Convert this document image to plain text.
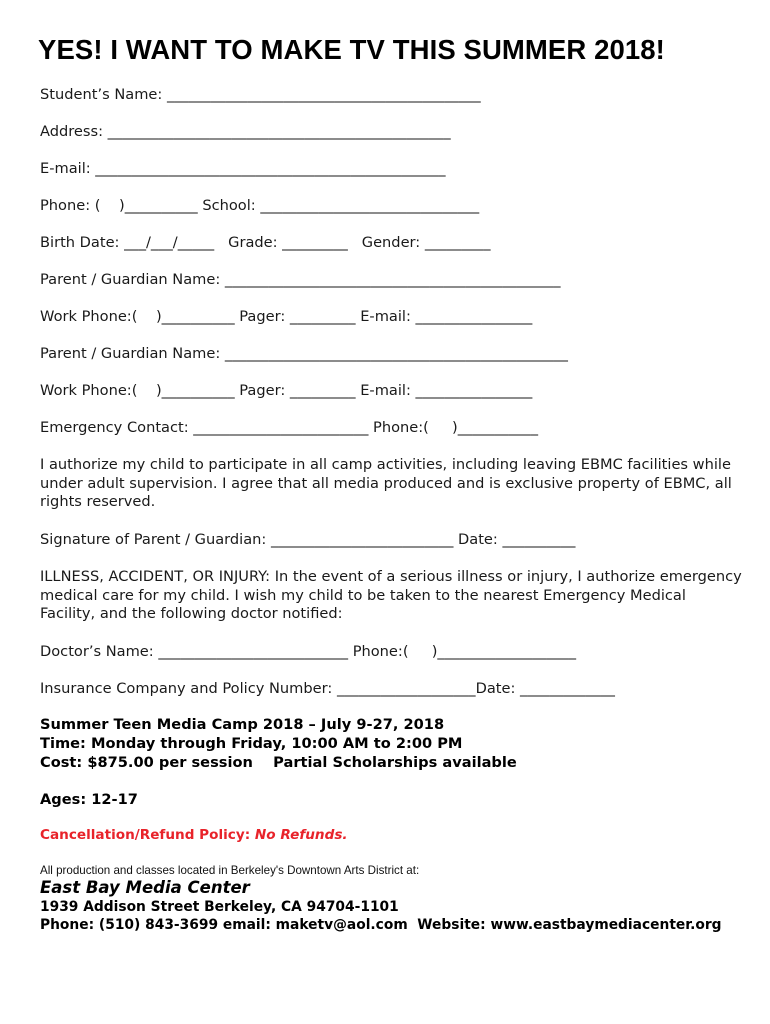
YES! I WANT TO MAKE TV THIS SUMMER 2018!
Student’s Name: ___________________________________________
Address: _______________________________________________
E-mail: ________________________________________________
Phone: (    )__________ School: ______________________________
Birth Date: ___/___/_____   Grade: _________   Gender: _________
Parent / Guardian Name: ______________________________________________
Work Phone:(    )__________ Pager: _________ E-mail: ________________
Parent / Guardian Name: _______________________________________________
Work Phone:(    )__________ Pager: _________ E-mail: ________________
Emergency Contact: ________________________ Phone:(     )___________
I authorize my child to participate in all camp activities, including leaving EBMC facilities while under adult supervision. I agree that all media produced and is exclusive property of EBMC, all rights reserved.
Signature of Parent / Guardian: _________________________ Date: __________
ILLNESS, ACCIDENT, OR INJURY: In the event of a serious illness or injury, I authorize emergency medical care for my child. I wish my child to be taken to the nearest Emergency Medical Facility, and the following doctor notified:
Doctor’s Name: __________________________ Phone:(     )___________________
Insurance Company and Policy Number: ___________________Date: _____________
Summer Teen Media Camp 2018 – July 9-27, 2018
Time: Monday through Friday, 10:00 AM to 2:00 PM
Cost: $875.00 per session    Partial Scholarships available
Ages: 12-17
Cancellation/Refund Policy: No Refunds.
All production and classes located in Berkeley's Downtown Arts District at:
East Bay Media Center
1939 Addison Street Berkeley, CA 94704-1101
Phone: (510) 843-3699 email: maketv@aol.com  Website: www.eastbaymediacenter.org
